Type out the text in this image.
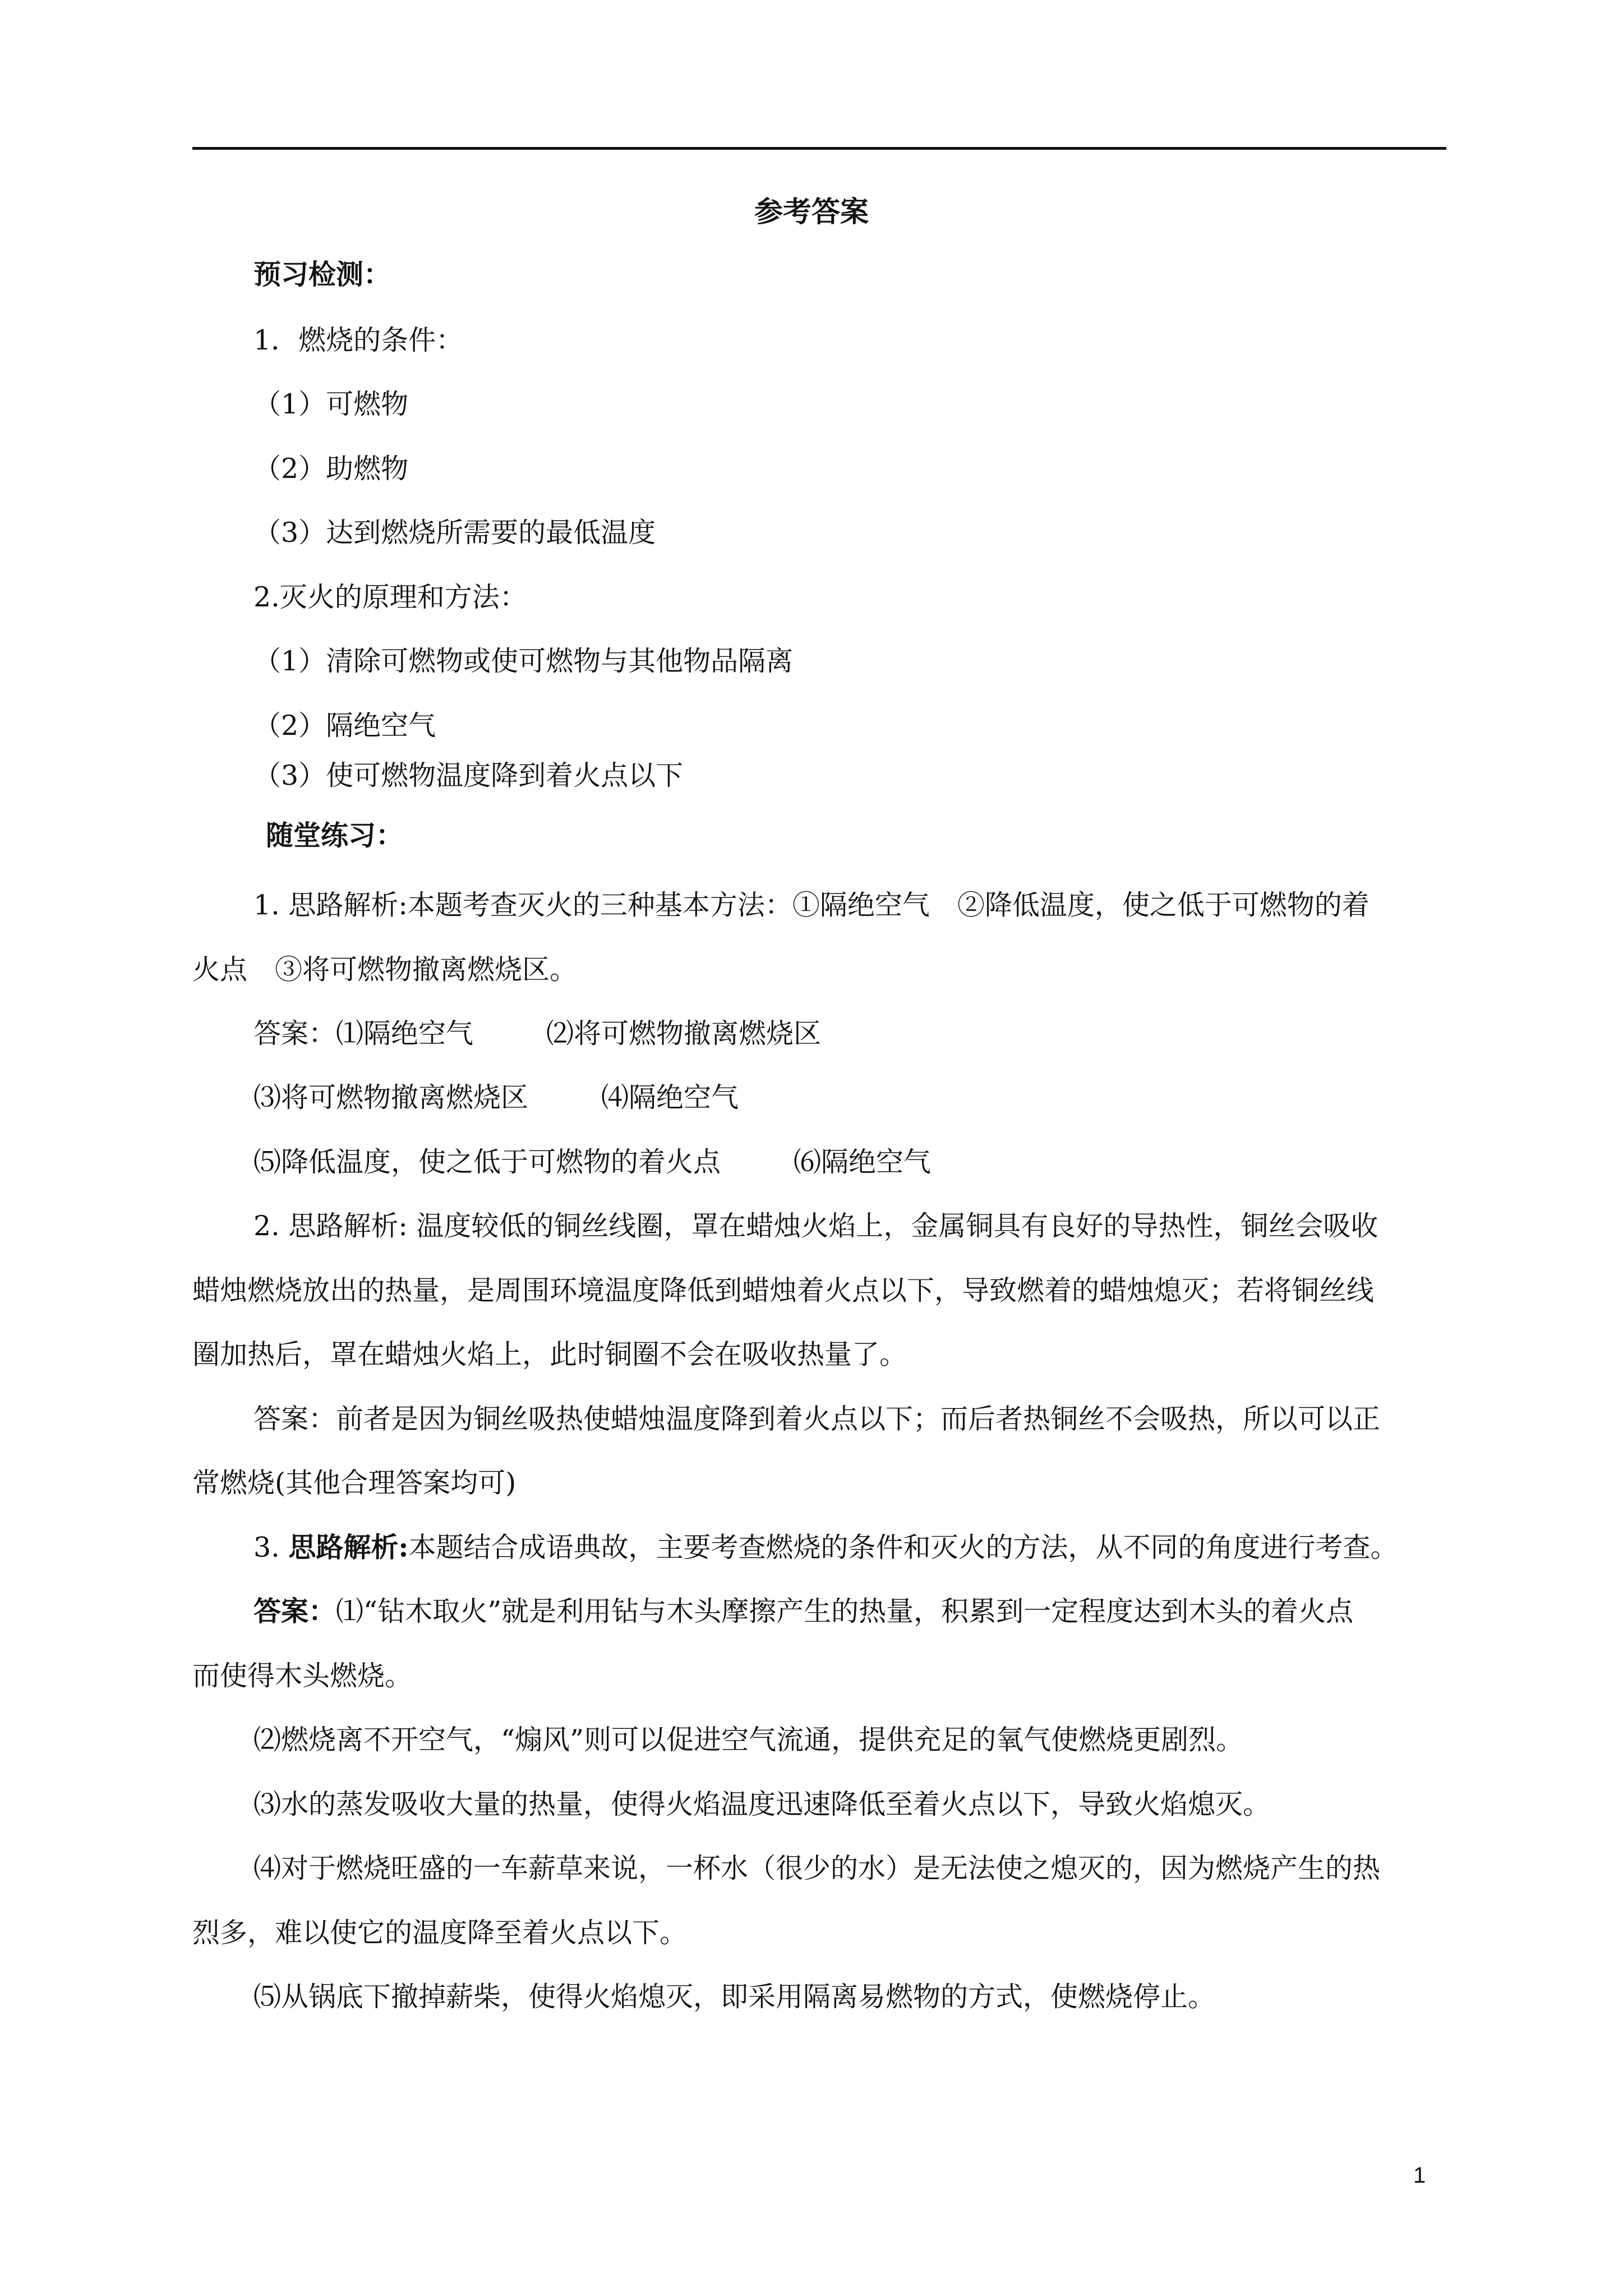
参考答案
预习检测：
1．燃烧的条件：
（1）可燃物
（2）助燃物
（3）达到燃烧所需要的最低温度
2.灭火的原理和方法：
（1）清除可燃物或使可燃物与其他物品隔离
（2）隔绝空气
（3）使可燃物温度降到着火点以下
随堂练习：
1. 思路解析:本题考查灭火的三种基本方法：①隔绝空气　②降低温度，使之低于可燃物的着
火点　③将可燃物撤离燃烧区。
答案：⑴隔绝空气	⑵将可燃物撤离燃烧区
⑶将可燃物撤离燃烧区	⑷隔绝空气
⑸降低温度，使之低于可燃物的着火点	⑹隔绝空气
2. 思路解析: 温度较低的铜丝线圈，罩在蜡烛火焰上，金属铜具有良好的导热性，铜丝会吸收
蜡烛燃烧放出的热量，是周围环境温度降低到蜡烛着火点以下，导致燃着的蜡烛熄灭；若将铜丝线
圈加热后，罩在蜡烛火焰上，此时铜圈不会在吸收热量了。
答案：前者是因为铜丝吸热使蜡烛温度降到着火点以下；而后者热铜丝不会吸热，所以可以正
常燃烧(其他合理答案均可)
3. 思路解析:本题结合成语典故，主要考查燃烧的条件和灭火的方法，从不同的角度进行考查。
答案：⑴“钻木取火”就是利用钻与木头摩擦产生的热量，积累到一定程度达到木头的着火点
而使得木头燃烧。
⑵燃烧离不开空气，“煽风”则可以促进空气流通，提供充足的氧气使燃烧更剧烈。
⑶水的蒸发吸收大量的热量，使得火焰温度迅速降低至着火点以下，导致火焰熄灭。
⑷对于燃烧旺盛的一车薪草来说，一杯水（很少的水）是无法使之熄灭的，因为燃烧产生的热
烈多，难以使它的温度降至着火点以下。
⑸从锅底下撤掉薪柴，使得火焰熄灭，即采用隔离易燃物的方式，使燃烧停止。
1
